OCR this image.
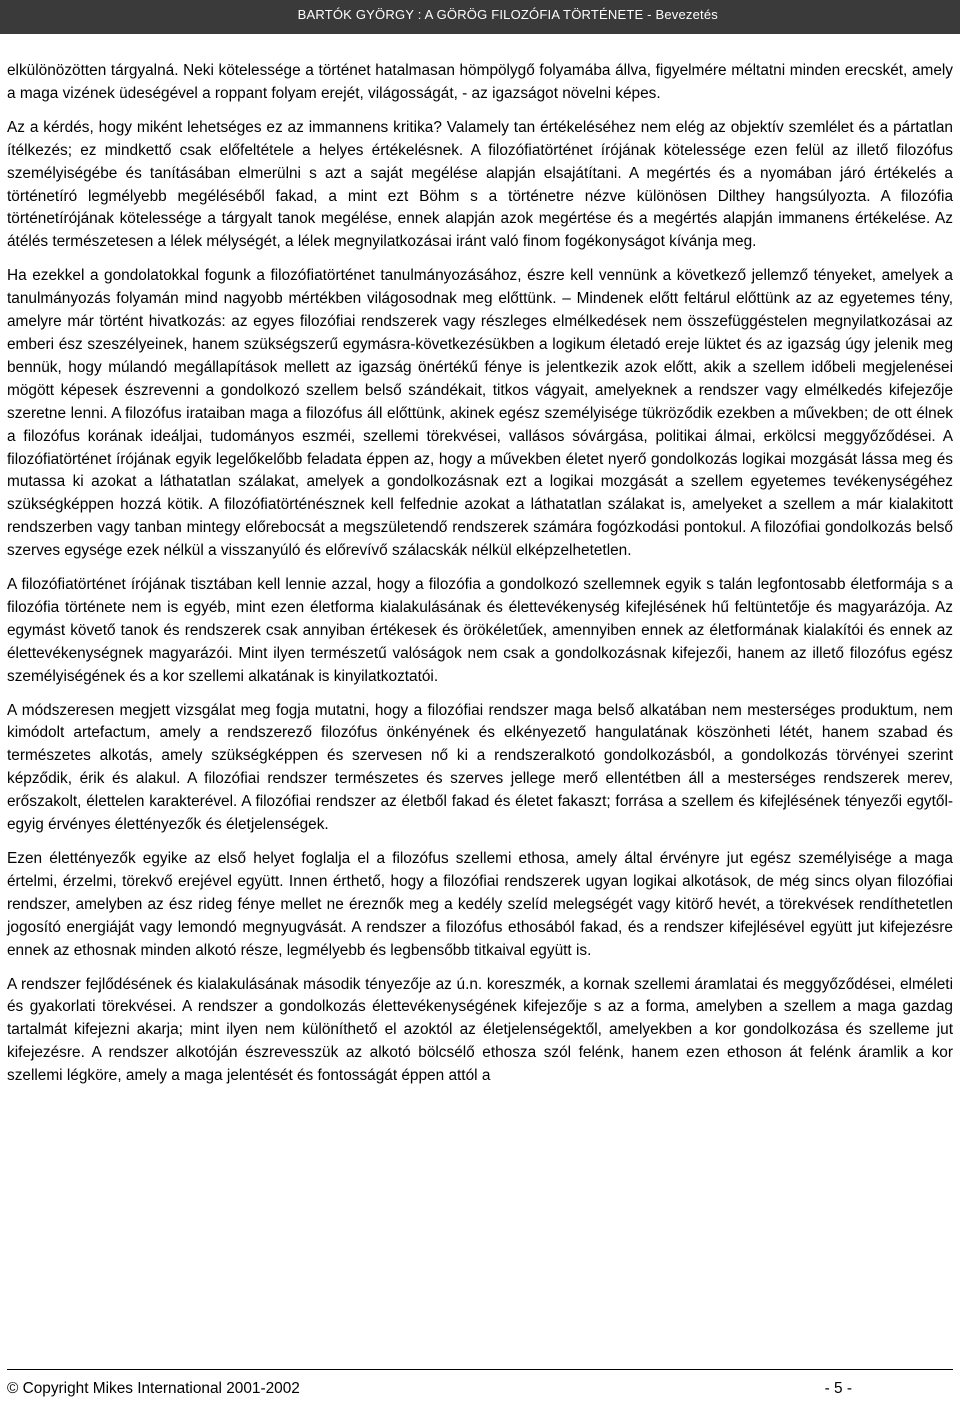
BARTÓK GYÖRGY : A GÖRÖG FILOZÓFIA TÖRTÉNETE - Bevezetés

elkülönözötten tárgyalná. Neki kötelessége a történet hatalmasan hömpölygő folyamába állva, figyelmére méltatni minden erecskét, amely a maga vizének üdeségével a roppant folyam erejét, világosságát, - az igazságot növelni képes.

Az a kérdés, hogy miként lehetséges ez az immannens kritika? Valamely tan értékeléséhez nem elég az objektív szemlélet és a pártatlan ítélkezés; ez mindkettő csak előfeltétele a helyes értékelésnek. A filozófiatörténet írójának kötelessége ezen felül az illető filozófus személyiségébe és tanításában elmerülni s azt a saját megélése alapján elsajátítani. A megértés és a nyomában járó értékelés a történetíró legmélyebb megéléséből fakad, a mint ezt Böhm s a történetre nézve különösen Dilthey hangsúlyozta. A filozófia történetírójának kötelessége a tárgyalt tanok megélése, ennek alapján azok megértése és a megértés alapján immanens értékelése. Az átélés természetesen a lélek mélységét, a lélek megnyilatkozásai iránt való finom fogékonyságot kívánja meg.

Ha ezekkel a gondolatokkal fogunk a filozófiatörténet tanulmányozásához, észre kell vennünk a következő jellemző tényeket, amelyek a tanulmányozás folyamán mind nagyobb mértékben világosodnak meg előttünk. – Mindenek előtt feltárul előttünk az az egyetemes tény, amelyre már történt hivatkozás: az egyes filozófiai rendszerek vagy részleges elmélkedések nem összefüggéstelen megnyilatkozásai az emberi ész szeszélyeinek, hanem szükségszerű egymásra-következésükben a logikum életadó ereje lüktet és az igazság úgy jelenik meg bennük, hogy múlandó megállapítások mellett az igazság önértékű fénye is jelentkezik azok előtt, akik a szellem időbeli megjelenései mögött képesek észrevenni a gondolkozó szellem belső szándékait, titkos vágyait, amelyeknek a rendszer vagy elmélkedés kifejezője szeretne lenni. A filozófus irataiban maga a filozófus áll előttünk, akinek egész személyisége tükröződik ezekben a művekben; de ott élnek a filozófus korának ideáljai, tudományos eszméi, szellemi törekvései, vallásos sóvárgása, politikai álmai, erkölcsi meggyőződései. A filozófiatörténet írójának egyik legelőkelőbb feladata éppen az, hogy a művekben életet nyerő gondolkozás logikai mozgását lássa meg és mutassa ki azokat a láthatatlan szálakat, amelyek a gondolkozásnak ezt a logikai mozgását a szellem egyetemes tevékenységéhez szükségképpen hozzá kötik. A filozófiatörténésznek kell felfednie azokat a láthatatlan szálakat is, amelyeket a szellem a már kialakitott rendszerben vagy tanban mintegy előrebocsát a megszületendő rendszerek számára fogózkodási pontokul. A filozófiai gondolkozás belső szerves egysége ezek nélkül a visszanyúló és előrevívő szálacskák nélkül elképzelhetetlen.

A filozófiatörténet írójának tisztában kell lennie azzal, hogy a filozófia a gondolkozó szellemnek egyik s talán legfontosabb életformája s a filozófia története nem is egyéb, mint ezen életforma kialakulásának és élettevékenység kifejlésének hű feltüntetője és magyarázója. Az egymást követő tanok és rendszerek csak annyiban értékesek és örökéletűek, amennyiben ennek az életformának kialakítói és ennek az élettevékenységnek magyarázói. Mint ilyen természetű valóságok nem csak a gondolkozásnak kifejezői, hanem az illető filozófus egész személyiségének és a kor szellemi alkatának is kinyilatkoztatói.

A módszeresen megjett vizsgálat meg fogja mutatni, hogy a filozófiai rendszer maga belső alkatában nem mesterséges produktum, nem kimódolt artefactum, amely a rendszerező filozófus önkényének és elkényezető hangulatának köszönheti létét, hanem szabad és természetes alkotás, amely szükségképpen és szervesen nő ki a rendszeralkotó gondolkozásból, a gondolkozás törvényei szerint képződik, érik és alakul. A filozófiai rendszer természetes és szerves jellege merő ellentétben áll a mesterséges rendszerek merev, erőszakolt, élettelen karakterével. A filozófiai rendszer az életből fakad és életet fakaszt; forrása a szellem és kifejlésének tényezői egytől-egyig érvényes élettényezők és életjelenségek.

Ezen élettényezők egyike az első helyet foglalja el a filozófus szellemi ethosa, amely által érvényre jut egész személyisége a maga értelmi, érzelmi, törekvő erejével együtt. Innen érthető, hogy a filozófiai rendszerek ugyan logikai alkotások, de még sincs olyan filozófiai rendszer, amelyben az ész rideg fénye mellet ne éreznők meg a kedély szelíd melegségét vagy kitörő hevét, a törekvések rendíthetetlen jogosító energiáját vagy lemondó megnyugvását. A rendszer a filozófus ethosából fakad, és a rendszer kifejlésével együtt jut kifejezésre ennek az ethosnak minden alkotó része, legmélyebb és legbensőbb titkaival együtt is.

A rendszer fejlődésének és kialakulásának második tényezője az ú.n. koreszmék, a kornak szellemi áramlatai és meggyőződései, elméleti és gyakorlati törekvései. A rendszer a gondolkozás élettevékenységének kifejezője s az a forma, amelyben a szellem a maga gazdag tartalmát kifejezni akarja; mint ilyen nem különíthető el azoktól az életjelenségektől, amelyekben a kor gondolkozása és szelleme jut kifejezésre. A rendszer alkotóján észrevesszük az alkotó bölcsélő ethosza szól felénk, hanem ezen ethoson át felénk áramlik a kor szellemi légköre, amely a maga jelentését és fontosságát éppen attól a

© Copyright Mikes International 2001-2002	- 5 -
